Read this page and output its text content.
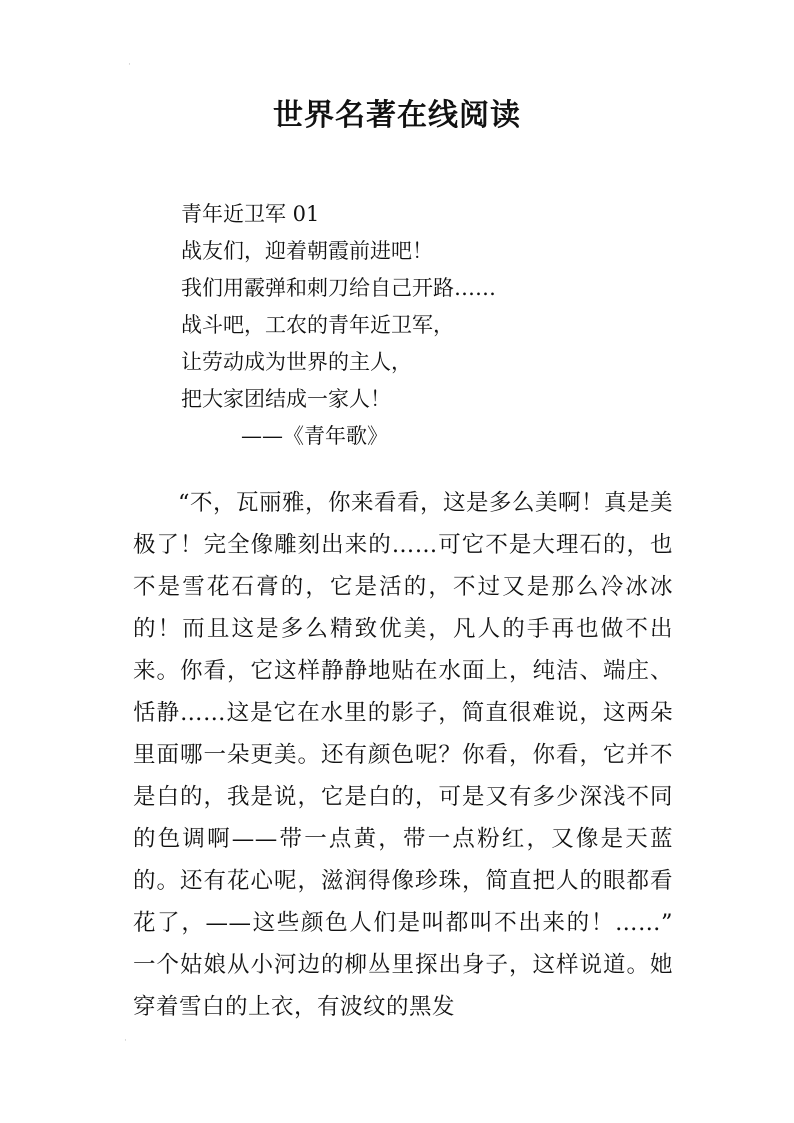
·
世界名著在线阅读
青年近卫军 01
战友们，迎着朝霞前进吧！
我们用霰弹和刺刀给自己开路……
战斗吧，工农的青年近卫军，
让劳动成为世界的主人，
把大家团结成一家人！
——《青年歌》

“不，瓦丽雅，你来看看，这是多么美啊！真是美极了！完全像雕刻出来的……可它不是大理石的，也不是雪花石膏的，它是活的，不过又是那么冷冰冰的！而且这是多么精致优美，凡人的手再也做不出来。你看，它这样静静地贴在水面上，纯洁、端庄、恬静……这是它在水里的影子，简直很难说，这两朵里面哪一朵更美。还有颜色呢？你看，你看，它并不是白的，我是说，它是白的，可是又有多少深浅不同的色调啊——带一点黄，带一点粉红，又像是天蓝的。还有花心呢，滋润得像珍珠，简直把人的眼都看花了，——这些颜色人们是叫都叫不出来的！……”　一个姑娘从小河边的柳丛里探出身子，这样说道。她穿着雪白的上衣，有波纹的黑发

·
